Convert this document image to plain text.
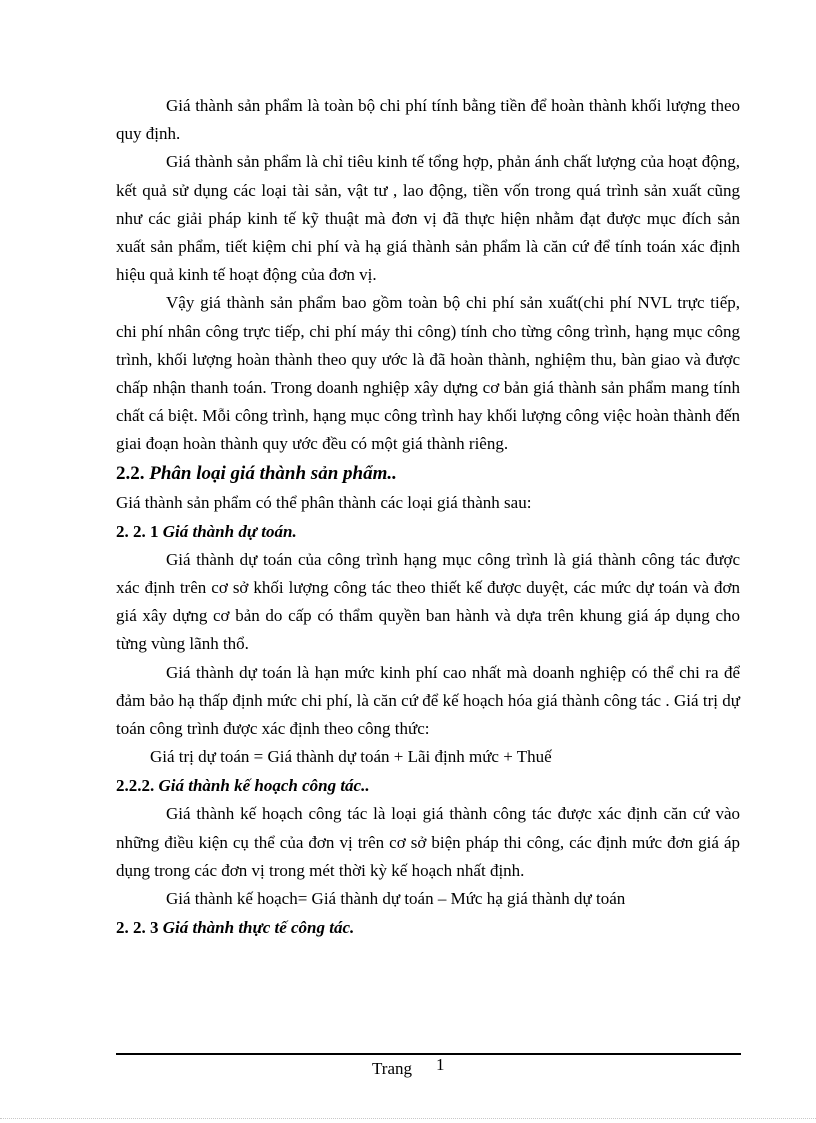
Giá thành sản phẩm là toàn bộ chi phí tính bằng tiền để hoàn thành khối lượng theo quy định.

Giá thành sản phẩm là chỉ tiêu kinh tế tổng hợp, phản ánh chất lượng của hoạt động, kết quả sử dụng các loại tài sản, vật tư , lao động, tiền vốn trong quá trình sản xuất cũng như các giải pháp kinh tế kỹ thuật mà đơn vị đã thực hiện nhằm đạt được mục đích sản xuất sản phẩm, tiết kiệm chi phí và hạ giá thành sản phẩm là căn cứ để tính toán xác định hiệu quả kinh tế hoạt động của đơn vị.

Vậy giá thành sản phẩm bao gồm toàn bộ chi phí sản xuất(chi phí NVL trực tiếp, chi phí nhân công trực tiếp, chi phí máy thi công) tính cho từng công trình, hạng mục công trình, khối lượng hoàn thành theo quy ước là đã hoàn thành, nghiệm thu, bàn giao và được chấp nhận thanh toán. Trong doanh nghiệp xây dựng cơ bản giá thành sản phẩm mang tính chất cá biệt. Mỗi công trình, hạng mục công trình hay khối lượng công việc hoàn thành đến giai đoạn hoàn thành quy ước đều có một giá thành riêng.

2.2. Phân loại giá thành sản phẩm..

Giá thành sản phẩm có thể phân thành các loại giá thành sau:

2. 2. 1 Giá thành dự toán.

Giá thành dự toán của công trình hạng mục công trình là giá thành công tác được xác định trên cơ sở khối lượng công tác theo thiết kế được duyệt, các mức dự toán và đơn giá xây dựng cơ bản do cấp có thẩm quyền ban hành và dựa trên khung giá áp dụng cho từng vùng lãnh thổ.

Giá thành dự toán là hạn mức kinh phí cao nhất mà doanh nghiệp có thể chi ra để đảm bảo hạ thấp định mức chi phí, là căn cứ để kế hoạch hóa giá thành công tác . Giá trị dự toán công trình được xác định theo công thức:

Giá trị dự toán = Giá thành dự toán + Lãi định mức + Thuế

2.2.2. Giá thành kế hoạch công tác..

Giá thành kế hoạch công tác là loại giá thành công tác được xác định căn cứ vào những điều kiện cụ thể của đơn vị trên cơ sở biện pháp thi công, các định mức đơn giá áp dụng trong các đơn vị trong mét thời kỳ kế hoạch nhất định.

Giá thành kế hoạch= Giá thành dự toán – Mức hạ giá thành dự toán

2. 2. 3 Giá thành thực tế công tác.

Trang 1
